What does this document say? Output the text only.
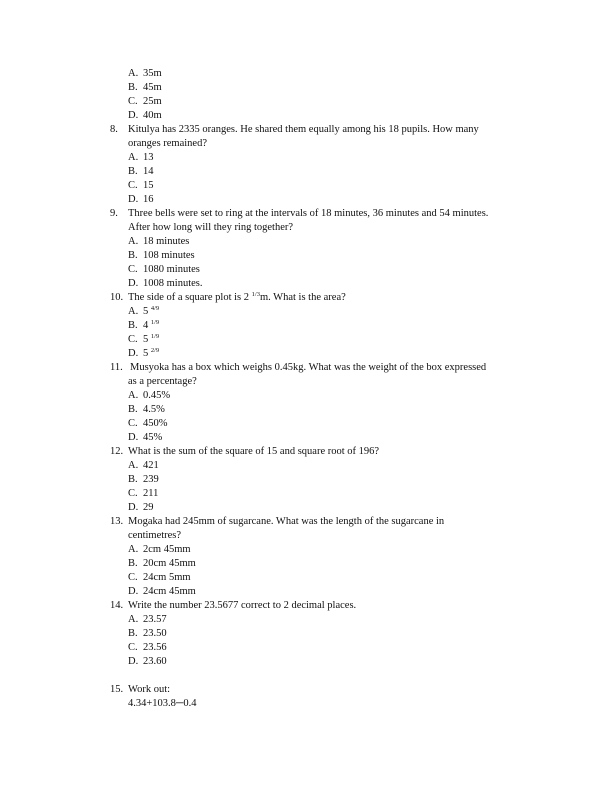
A. 35m
B. 45m
C. 25m
D. 40m
8. Kitulya has 2335 oranges. He shared them equally among his 18 pupils. How many
oranges remained?
A. 13
B. 14
C. 15
D. 16
9. Three bells were set to ring at the intervals of 18 minutes, 36 minutes and 54 minutes.
After how long will they ring together?
A. 18 minutes
B. 108 minutes
C. 1080 minutes
D. 1008 minutes.
10. The side of a square plot is 2 $^{1/3}$m. What is the area?
A. 5 $^{4/9}$
B. 4 $^{1/9}$
C. 5 $^{1/9}$
D. 5 $^{2/9}$
11. Musyoka has a box which weighs 0.45kg. What was the weight of the box expressed
as a percentage?
A. 0.45%
B. 4.5%
C. 450%
D. 45%
12. What is the sum of the square of 15 and square root of 196?
A. 421
B. 239
C. 211
D. 29
13. Mogaka had 245mm of sugarcane. What was the length of the sugarcane in
centimetres?
A. 2cm 45mm
B. 20cm 45mm
C. 24cm 5mm
D. 24cm 45mm
14. Write the number 23.5677 correct to 2 decimal places.
A. 23.57
B. 23.50
C. 23.56
D. 23.60
15. Work out:
4.34+103.8─0.4
